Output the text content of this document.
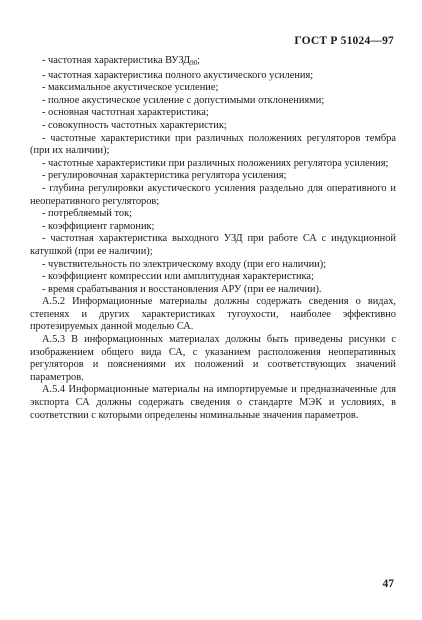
ГОСТ Р 51024—97

- частотная характеристика $ВУЗД_{90}$;

- частотная характеристика полного акустического усиления;

- максимальное акустическое усиление;

- полное акустическое усиление с допустимыми отклонениями;

- основная частотная характеристика;

- совокупность частотных характеристик;

- частотные характеристики при различных положениях регуляторов тембра (при их наличии);

- частотные характеристики при различных положениях регулятора усиления;

- регулировочная характеристика регулятора усиления;

- глубина регулировки акустического усиления раздельно для оперативного и неоперативного регуляторов;

- потребляемый ток;

- коэффициент гармоник;

- частотная характеристика выходного УЗД при работе СА с индукционной катушкой (при ее наличии);

- чувствительность по электрическому входу (при его наличии);

- коэффициент компрессии или амплитудная характеристика;

- время срабатывания и восстановления АРУ (при ее наличии).

А.5.2 Информационные материалы должны содержать сведения о видах, степенях и других характеристиках тугоухости, наиболее эффективно протезируемых данной моделью СА.

А.5.3 В информационных материалах должны быть приведены рисунки с изображением общего вида СА, с указанием расположения неоперативных регуляторов и пояснениями их положений и соответствующих значений параметров.

А.5.4 Информационные материалы на импортируемые и предназначенные для экспорта СА должны содержать сведения о стандарте МЭК и условиях, в соответствии с которыми определены номинальные значения параметров.

47
